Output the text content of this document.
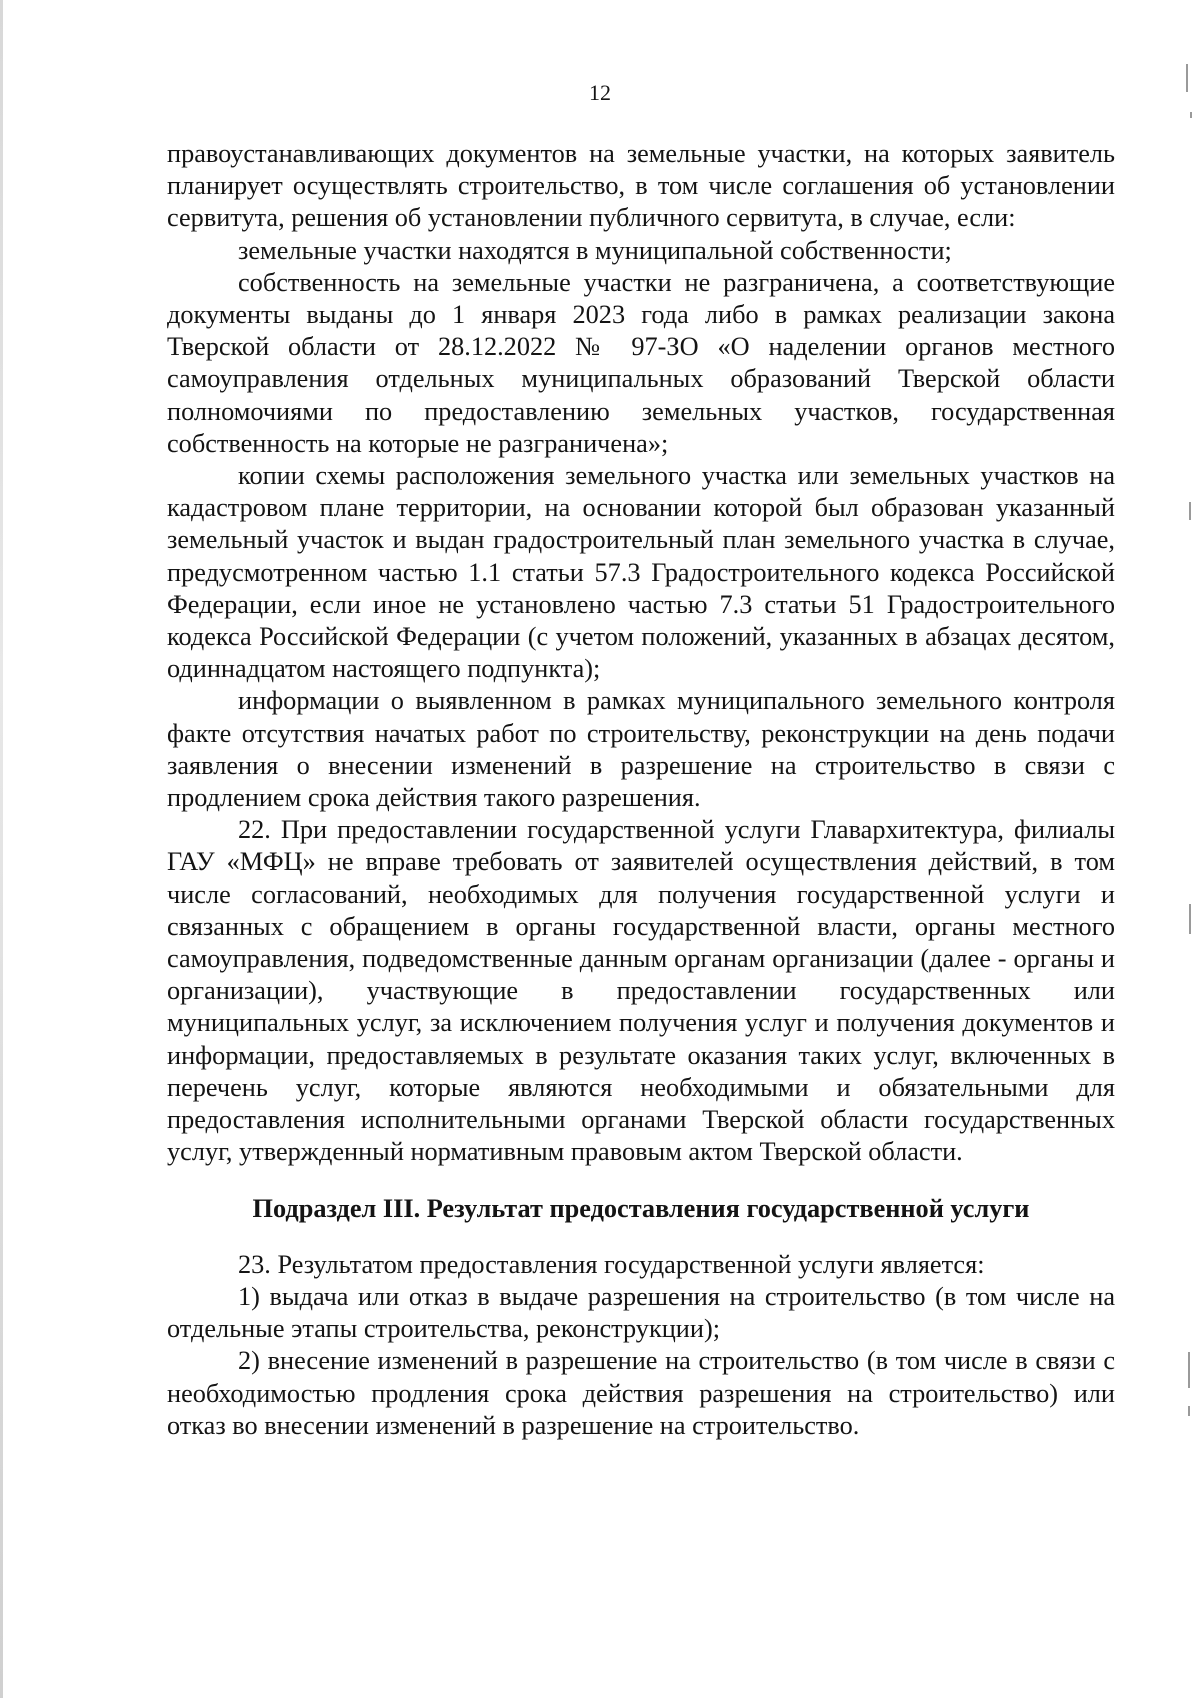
12

правоустанавливающих документов на земельные участки, на которых заявитель планирует осуществлять строительство, в том числе соглашения об установлении сервитута, решения об установлении публичного сервитута, в случае, если:

земельные участки находятся в муниципальной собственности;

собственность на земельные участки не разграничена, а соответствующие документы выданы до 1 января 2023 года либо в рамках реализации закона Тверской области от 28.12.2022 № 97-ЗО «О наделении органов местного самоуправления отдельных муниципальных образований Тверской области полномочиями по предоставлению земельных участков, государственная собственность на которые не разграничена»;

копии схемы расположения земельного участка или земельных участков на кадастровом плане территории, на основании которой был образован указанный земельный участок и выдан градостроительный план земельного участка в случае, предусмотренном частью 1.1 статьи 57.3 Градостроительного кодекса Российской Федерации, если иное не установлено частью 7.3 статьи 51 Градостроительного кодекса Российской Федерации (с учетом положений, указанных в абзацах десятом, одиннадцатом настоящего подпункта);

информации о выявленном в рамках муниципального земельного контроля факте отсутствия начатых работ по строительству, реконструкции на день подачи заявления о внесении изменений в разрешение на строительство в связи с продлением срока действия такого разрешения.

22. При предоставлении государственной услуги Главархитектура, филиалы ГАУ «МФЦ» не вправе требовать от заявителей осуществления действий, в том числе согласований, необходимых для получения государственной услуги и связанных с обращением в органы государственной власти, органы местного самоуправления, подведомственные данным органам организации (далее - органы и организации), участвующие в предоставлении государственных или муниципальных услуг, за исключением получения услуг и получения документов и информации, предоставляемых в результате оказания таких услуг, включенных в перечень услуг, которые являются необходимыми и обязательными для предоставления исполнительными органами Тверской области государственных услуг, утвержденный нормативным правовым актом Тверской области.

Подраздел III. Результат предоставления государственной услуги

23. Результатом предоставления государственной услуги является:

1) выдача или отказ в выдаче разрешения на строительство (в том числе на отдельные этапы строительства, реконструкции);

2) внесение изменений в разрешение на строительство (в том числе в связи с необходимостью продления срока действия разрешения на строительство) или отказ во внесении изменений в разрешение на строительство.
